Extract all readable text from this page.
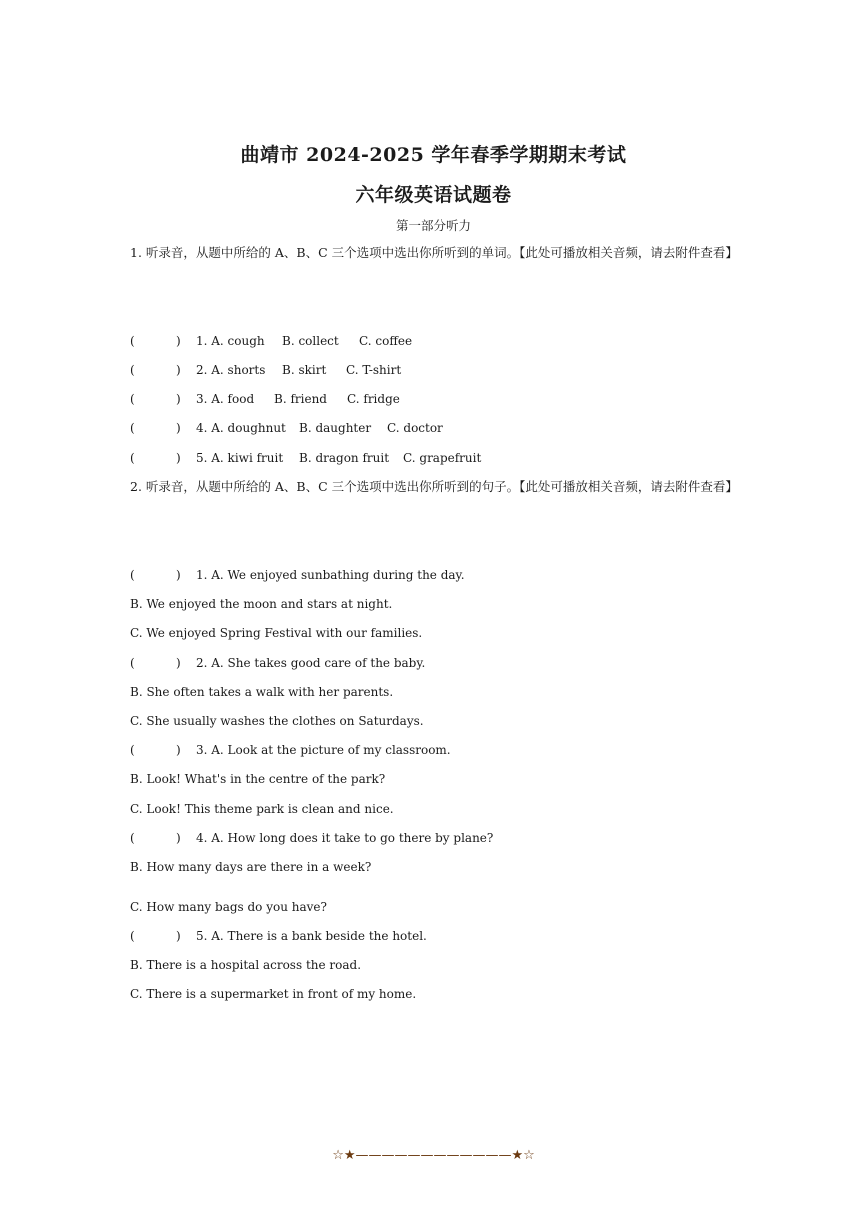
曲靖市 2024-2025 学年春季学期期末考试
六年级英语试题卷
第一部分听力
1. 听录音，从题中所给的 A、B、C 三个选项中选出你所听到的单词。【此处可播放相关音频，请去附件查看】
(	) 1. A. cough B. collect C. coffee
(	) 2. A. shorts B. skirt C. T-shirt
(	) 3. A. food B. friend C. fridge
(	) 4. A. doughnut B. daughter C. doctor
(	) 5. A. kiwi fruit B. dragon fruit C. grapefruit
2. 听录音，从题中所给的 A、B、C 三个选项中选出你所听到的句子。【此处可播放相关音频，请去附件查看】
(	) 1. A. We enjoyed sunbathing during the day.
B. We enjoyed the moon and stars at night.
C. We enjoyed Spring Festival with our families.
(	) 2. A. She takes good care of the baby.
B. She often takes a walk with her parents.
C. She usually washes the clothes on Saturdays.
(	) 3. A. Look at the picture of my classroom.
B. Look! What's in the centre of the park?
C. Look! This theme park is clean and nice.
(	) 4. A. How long does it take to go there by plane?
B. How many days are there in a week?
C. How many bags do you have?
(	) 5. A. There is a bank beside the hotel.
B. There is a hospital across the road.
C. There is a supermarket in front of my home.
☆★————————————★☆
